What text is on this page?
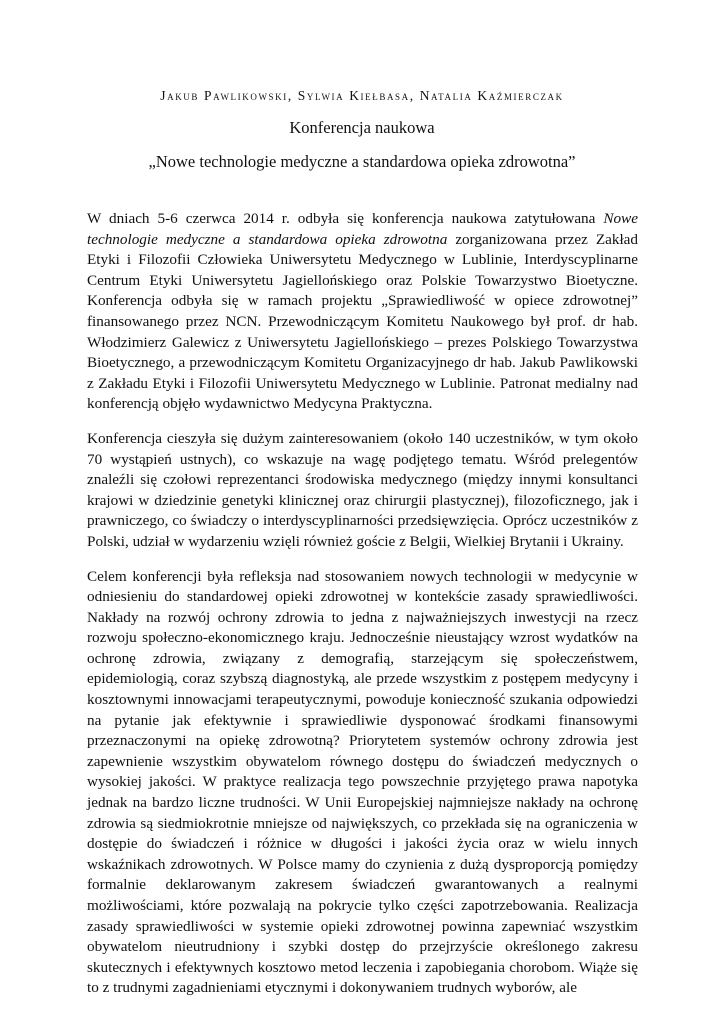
Jakub Pawlikowski, Sylwia Kiełbasa, Natalia Kaźmierczak
Konferencja naukowa
„Nowe technologie medyczne a standardowa opieka zdrowotna”

W dniach 5-6 czerwca 2014 r. odbyła się konferencja naukowa zatytułowana Nowe technologie medyczne a standardowa opieka zdrowotna zorganizowana przez Zakład Etyki i Filozofii Człowieka Uniwersytetu Medycznego w Lublinie, Interdyscyplinarne Centrum Etyki Uniwersytetu Jagiellońskiego oraz Polskie Towarzystwo Bioetyczne. Konferencja odbyła się w ramach projektu „Sprawiedliwość w opiece zdrowotnej” finansowanego przez NCN. Przewodniczącym Komitetu Naukowego był prof. dr hab. Włodzimierz Galewicz z Uniwersytetu Jagiellońskiego – prezes Polskiego Towarzystwa Bioetycznego, a przewodniczącym Komitetu Organizacyjnego dr hab. Jakub Pawlikowski z Zakładu Etyki i Filozofii Uniwersytetu Medycznego w Lublinie. Patronat medialny nad konferencją objęło wydawnictwo Medycyna Praktyczna.

Konferencja cieszyła się dużym zainteresowaniem (około 140 uczestników, w tym około 70 wystąpień ustnych), co wskazuje na wagę podjętego tematu. Wśród prelegentów znaleźli się czołowi reprezentanci środowiska medycznego (między innymi konsultanci krajowi w dziedzinie genetyki klinicznej oraz chirurgii plastycznej), filozoficznego, jak i prawniczego, co świadczy o interdyscyplinarności przedsięwzięcia. Oprócz uczestników z Polski, udział w wydarzeniu wzięli również goście z Belgii, Wielkiej Brytanii i Ukrainy.

Celem konferencji była refleksja nad stosowaniem nowych technologii w medycynie w odniesieniu do standardowej opieki zdrowotnej w kontekście zasady sprawiedliwości. Nakłady na rozwój ochrony zdrowia to jedna z najważniejszych inwestycji na rzecz rozwoju społeczno-ekonomicznego kraju. Jednocześnie nieustający wzrost wydatków na ochronę zdrowia, związany z demografią, starzejącym się społeczeństwem, epidemiologią, coraz szybszą diagnostyką, ale przede wszystkim z postępem medycyny i kosztownymi innowacjami terapeutycznymi, powoduje konieczność szukania odpowiedzi na pytanie jak efektywnie i sprawiedliwie dysponować środkami finansowymi przeznaczonymi na opiekę zdrowotną? Priorytetem systemów ochrony zdrowia jest zapewnienie wszystkim obywatelom równego dostępu do świadczeń medycznych o wysokiej jakości. W praktyce realizacja tego powszechnie przyjętego prawa napotyka jednak na bardzo liczne trudności. W Unii Europejskiej najmniejsze nakłady na ochronę zdrowia są siedmiokrotnie mniejsze od największych, co przekłada się na ograniczenia w dostępie do świadczeń i różnice w długości i jakości życia oraz w wielu innych wskaźnikach zdrowotnych. W Polsce mamy do czynienia z dużą dysproporcją pomiędzy formalnie deklarowanym zakresem świadczeń gwarantowanych a realnymi możliwościami, które pozwalają na pokrycie tylko części zapotrzebowania. Realizacja zasady sprawiedliwości w systemie opieki zdrowotnej powinna zapewniać wszystkim obywatelom nieutrudniony i szybki dostęp do przejrzyście określonego zakresu skutecznych i efektywnych kosztowo metod leczenia i zapobiegania chorobom. Wiąże się to z trudnymi zagadnieniami etycznymi i dokonywaniem trudnych wyborów, ale
